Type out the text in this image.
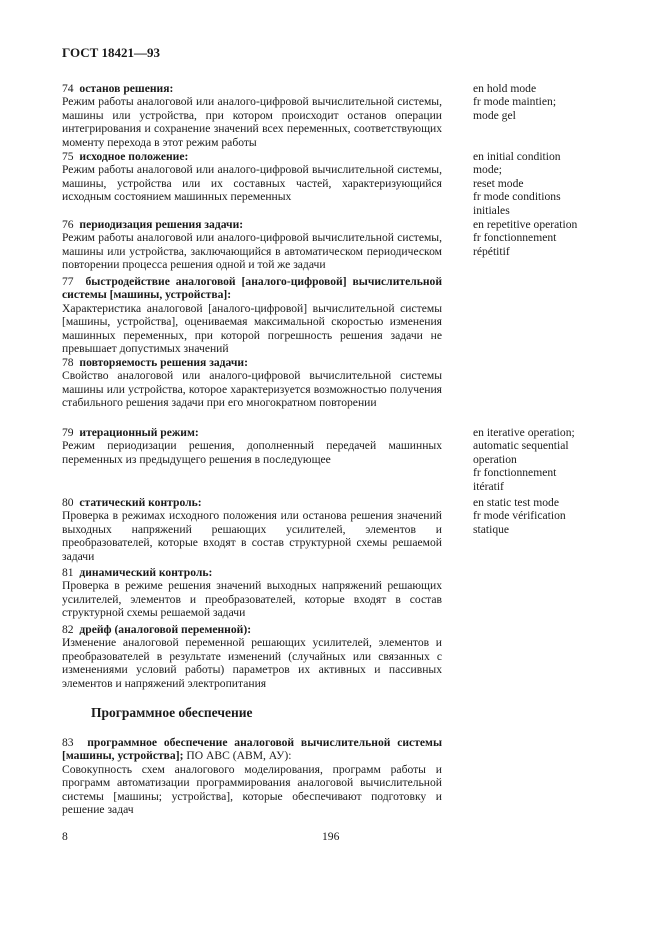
ГОСТ 18421—93
74 останов решения:
Режим работы аналоговой или аналого-цифровой вычислительной системы, машины или устройства, при котором происходит останов операции интегрирования и сохранение значений всех переменных, соответствующих моменту перехода в этот режим работы
en hold mode
fr mode maintien;
mode gel
75 исходное положение:
Режим работы аналоговой или аналого-цифровой вычислительной системы, машины, устройства или их составных частей, характеризующийся исходным состоянием машинных переменных
en initial condition
mode;
reset mode
fr mode conditions
initiales
76 периодизация решения задачи:
Режим работы аналоговой или аналого-цифровой вычислительной системы, машины или устройства, заключающийся в автоматическом периодическом повторении процесса решения одной и той же задачи
en repetitive operation
fr fonctionnement
répétitif
77 быстродействие аналоговой [аналого-цифровой] вычислительной системы [машины, устройства]:
Характеристика аналоговой [аналого-цифровой] вычислительной системы [машины, устройства], оцениваемая максимальной скоростью изменения машинных переменных, при которой погрешность решения задачи не превышает допустимых значений
78 повторяемость решения задачи:
Свойство аналоговой или аналого-цифровой вычислительной системы машины или устройства, которое характеризуется возможностью получения стабильного решения задачи при его многократном повторении
79 итерационный режим:
Режим периодизации решения, дополненный передачей машинных переменных из предыдущего решения в последующее
en iterative operation;
automatic sequential
operation
fr fonctionnement
itératif
80 статический контроль:
Проверка в режимах исходного положения или останова решения значений выходных напряжений решающих усилителей, элементов и преобразователей, которые входят в состав структурной схемы решаемой задачи
en static test mode
fr mode vérification
statique
81 динамический контроль:
Проверка в режиме решения значений выходных напряжений решающих усилителей, элементов и преобразователей, которые входят в состав структурной схемы решаемой задачи
82 дрейф (аналоговой переменной):
Изменение аналоговой переменной решающих усилителей, элементов и преобразователей в результате изменений (случайных или связанных с изменениями условий работы) параметров их активных и пассивных элементов и напряжений электропитания
Программное обеспечение
83 программное обеспечение аналоговой вычислительной системы [машины, устройства]; ПО АВС (АВМ, АУ):
Совокупность схем аналогового моделирования, программ работы и программ автоматизации программирования аналоговой вычислительной системы [машины; устройства], которые обеспечивают подготовку и решение задач
8	196
